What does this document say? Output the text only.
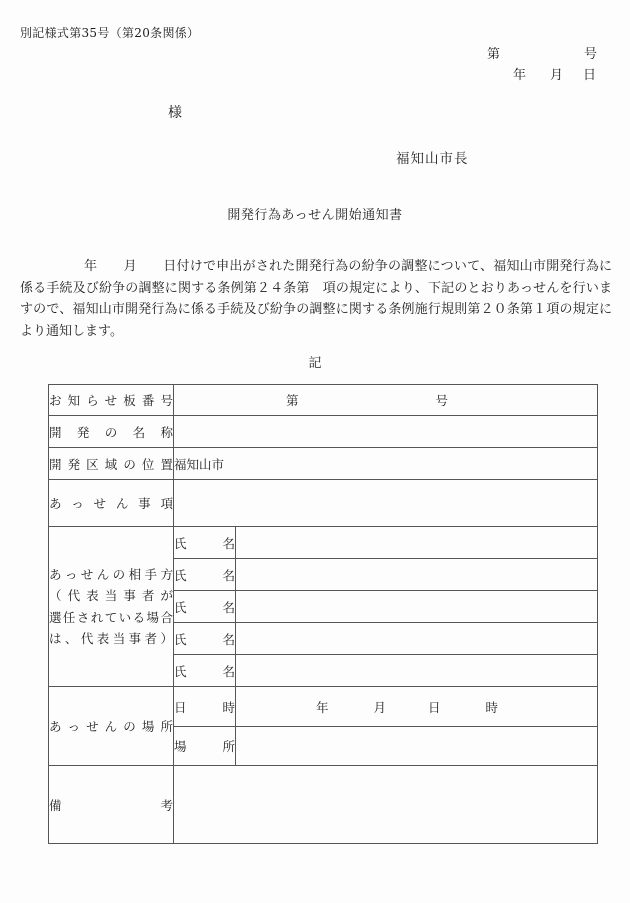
別記様式第35号（第20条関係）
第	号
年 月 日
様
福知山市長
開発行為あっせん開始通知書
年　　月　　日付けで申出がされた開発行為の紛争の調整について、福知山市開発行為に係る手続及び紛争の調整に関する条例第２４条第　項の規定により、下記のとおりあっせんを行いますので、福知山市開発行為に係る手続及び紛争の調整に関する条例施行規則第２０条第１項の規定により通知します。
記
お知らせ板番号	第 号	
開発の名称		
開発区域の位置	福知山市	
あっせん事項		

あっせんの相手方
（代表当事者が
選任されている場合
は、代表当事者）	氏名	
	氏名	
	氏名	
	氏名	
	氏名	
あっせんの場所	日時	年 月 日 時
	場所	
備考		
